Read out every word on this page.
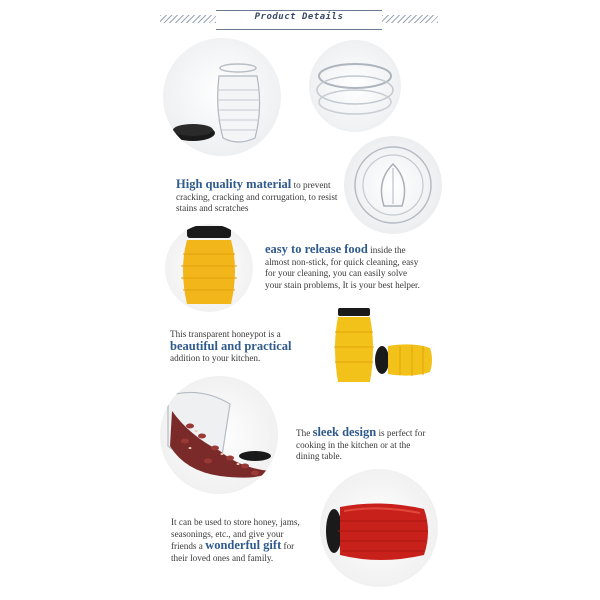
Product Details
High quality material to prevent cracking, cracking and corrugation, to resist stains and scratches
easy to release food inside the almost non-stick, for quick cleaning, easy for your cleaning, you can easily solve your stain problems, It is your best helper.
This transparent honeypot is a beautiful and practical addition to your kitchen.
The sleek design is perfect for cooking in the kitchen or at the dining table.
It can be used to store honey, jams, seasonings, etc., and give your friends a wonderful gift for their loved ones and family.
